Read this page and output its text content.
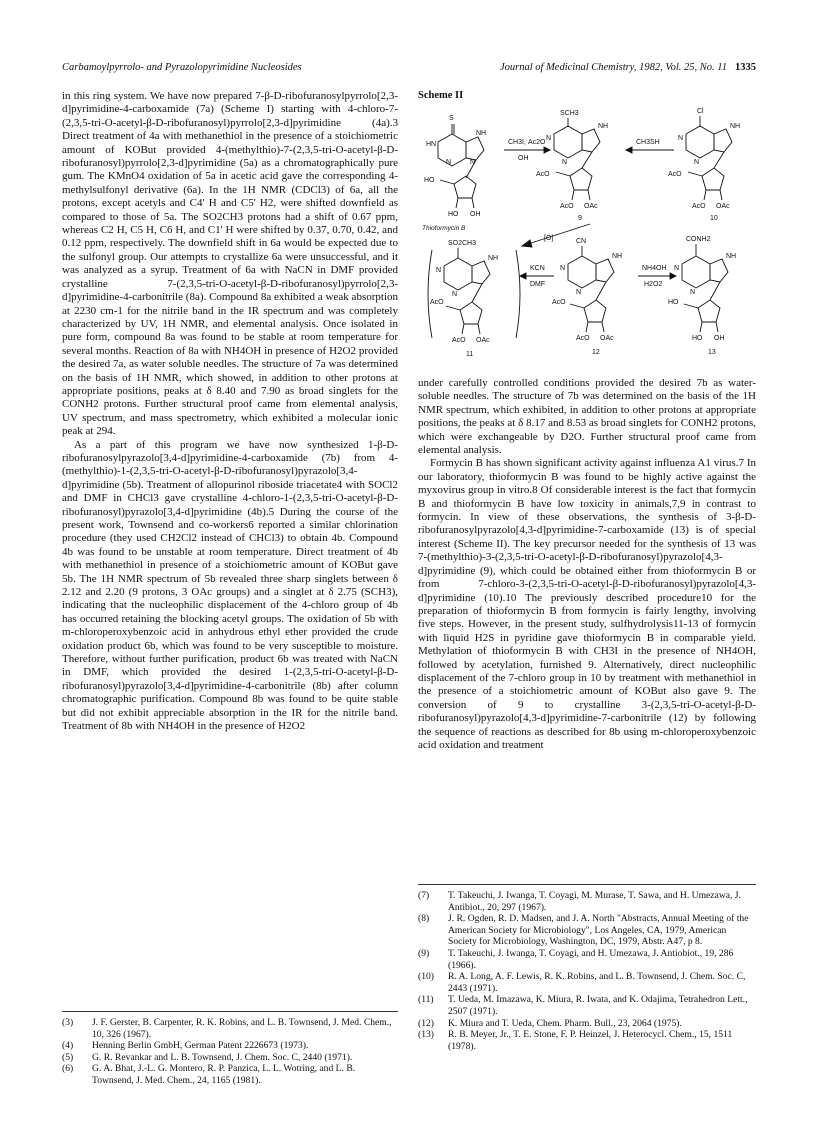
Carbamoylpyrrolo- and Pyrazolopyrimidine Nucleosides	Journal of Medicinal Chemistry, 1982, Vol. 25, No. 11 1335

in this ring system. We have now prepared 7-β-D-ribofuranosylpyrrolo[2,3-d]pyrimidine-4-carboxamide (7a) (Scheme I) starting with 4-chloro-7-(2,3,5-tri-O-acetyl-β-D-ribofuranosyl)pyrrolo[2,3-d]pyrimidine (4a).3 Direct treatment of 4a with methanethiol in the presence of a stoichiometric amount of KOBut provided 4-(methylthio)-7-(2,3,5-tri-O-acetyl-β-D-ribofuranosyl)pyrrolo[2,3-d]pyrimidine (5a) as a chromatographically pure gum. The KMnO4 oxidation of 5a in acetic acid gave the corresponding 4-methylsulfonyl derivative (6a). In the 1H NMR (CDCl3) of 6a, all the protons, except acetyls and C4' H and C5' H2, were shifted downfield as compared to those of 5a. The SO2CH3 protons had a shift of 0.67 ppm, whereas C2 H, C5 H, C6 H, and C1' H were shifted by 0.37, 0.70, 0.42, and 0.12 ppm, respectively. The downfield shift in 6a would be expected due to the sulfonyl group. Our attempts to crystallize 6a were unsuccessful, and it was analyzed as a syrup. Treatment of 6a with NaCN in DMF provided crystalline 7-(2,3,5-tri-O-acetyl-β-D-ribofuranosyl)pyrrolo[2,3-d]pyrimidine-4-carbonitrile (8a). Compound 8a exhibited a weak absorption at 2230 cm-1 for the nitrile band in the IR spectrum and was completely characterized by UV, 1H NMR, and elemental analysis. Once isolated in pure form, compound 8a was found to be stable at room temperature for several months. Reaction of 8a with NH4OH in presence of H2O2 provided the desired 7a, as water soluble needles. The structure of 7a was determined on the basis of 1H NMR, which showed, in addition to other protons at appropriate positions, peaks at δ 8.40 and 7.90 as broad singlets for the CONH2 protons. Further structural proof came from elemental analysis, UV spectrum, and mass spectrometry, which exhibited a molecular ionic peak at 294.

As a part of this program we have now synthesized 1-β-D-ribofuranosylpyrazolo[3,4-d]pyrimidine-4-carboxamide (7b) from 4-(methylthio)-1-(2,3,5-tri-O-acetyl-β-D-ribofuranosyl)pyrazolo[3,4-d]pyrimidine (5b). Treatment of allopurinol riboside triacetate4 with SOCl2 and DMF in CHCl3 gave crystalline 4-chloro-1-(2,3,5-tri-O-acetyl-β-D-ribofuranosyl)pyrazolo[3,4-d]pyrimidine (4b).5 During the course of the present work, Townsend and co-workers6 reported a similar chlorination procedure (they used CH2Cl2 instead of CHCl3) to obtain 4b. Compound 4b was found to be unstable at room temperature. Direct treatment of 4b with methanethiol in presence of a stoichiometric amount of KOBut gave 5b. The 1H NMR spectrum of 5b revealed three sharp singlets between δ 2.12 and 2.20 (9 protons, 3 OAc groups) and a singlet at δ 2.75 (SCH3), indicating that the nucleophilic displacement of the 4-chloro group of 4b has occurred retaining the blocking acetyl groups. The oxidation of 5b with m-chloroperoxybenzoic acid in anhydrous ethyl ether provided the crude oxidation product 6b, which was found to be very susceptible to moisture. Therefore, without further purification, product 6b was treated with NaCN in DMF, which provided the desired 1-(2,3,5-tri-O-acetyl-β-D-ribofuranosyl)pyrazolo[3,4-d]pyrimidine-4-carbonitrile (8b) after column chromatographic purification. Compound 8b was found to be quite stable but did not exhibit appreciable absorption in the IR for the nitrile band. Treatment of 8b with NH4OH in the presence of H2O2

Scheme II
S
HN
NH
N
N
HO
HO OH
Thioformycin B
CH3I, Ac2O
OH
SCH3
N
NH
N
AcO
AcO OAc
9
CH3SH
Cl
N
NH
N
AcO
AcO OAc
10
[O]
SO2CH3
N
NH
N
AcO
AcO OAc
11
KCN
DMF
CN
N
NH
N
AcO
AcO OAc
12
NH4OH
H2O2
CONH2
N
NH
N
HO
HO OH
13

under carefully controlled conditions provided the desired 7b as water-soluble needles. The structure of 7b was determined on the basis of the 1H NMR spectrum, which exhibited, in addition to other protons at appropriate positions, the peaks at δ 8.17 and 8.53 as broad singlets for CONH2 protons, which were exchangeable by D2O. Further structural proof came from elemental analysis.

Formycin B has shown significant activity against influenza A1 virus.7 In our laboratory, thioformycin B was found to be highly active against the myxovirus group in vitro.8 Of considerable interest is the fact that formycin B and thioformycin B have low toxicity in animals,7,9 in contrast to formycin. In view of these observations, the synthesis of 3-β-D-ribofuranosylpyrazolo[4,3-d]pyrimidine-7-carboxamide (13) is of special interest (Scheme II). The key precursor needed for the synthesis of 13 was 7-(methylthio)-3-(2,3,5-tri-O-acetyl-β-D-ribofuranosyl)pyrazolo[4,3-d]pyrimidine (9), which could be obtained either from thioformycin B or from 7-chloro-3-(2,3,5-tri-O-acetyl-β-D-ribofuranosyl)pyrazolo[4,3-d]pyrimidine (10).10 The previously described procedure10 for the preparation of thioformycin B from formycin is fairly lengthy, involving five steps. However, in the present study, sulfhydrolysis11-13 of formycin with liquid H2S in pyridine gave thioformycin B in comparable yield. Methylation of thioformycin B with CH3I in the presence of NH4OH, followed by acetylation, furnished 9. Alternatively, direct nucleophilic displacement of the 7-chloro group in 10 by treatment with methanethiol in the presence of a stoichiometric amount of KOBut also gave 9. The conversion of 9 to crystalline 3-(2,3,5-tri-O-acetyl-β-D-ribofuranosyl)pyrazolo[4,3-d]pyrimidine-7-carbonitrile (12) by following the sequence of reactions as described for 8b using m-chloroperoxybenzoic acid oxidation and treatment

(3)	J. F. Gerster, B. Carpenter, R. K. Robins, and L. B. Townsend, J. Med. Chem., 10, 326 (1967).
(4)	Henning Berlin GmbH, German Patent 2226673 (1973).
(5)	G. R. Revankar and L. B. Townsend, J. Chem. Soc. C, 2440 (1971).
(6)	G. A. Bhat, J.-L. G. Montero, R. P. Panzica, L. L. Wotring, and L. B. Townsend, J. Med. Chem., 24, 1165 (1981).
(7)	T. Takeuchi, J. Iwanga, T. Coyagi, M. Murase, T. Sawa, and H. Umezawa, J. Antibiot., 20, 297 (1967).
(8)	J. R. Ogden, R. D. Madsen, and J. A. North "Abstracts, Annual Meeting of the American Society for Microbiology", Los Angeles, CA, 1979, American Society for Microbiology, Washington, DC, 1979, Abstr. A47, p 8.
(9)	T. Takeuchi, J. Iwanga, T. Coyagi, and H. Umezawa, J. Antiobiot., 19, 286 (1966).
(10)	R. A. Long, A. F. Lewis, R. K. Robins, and L. B. Townsend, J. Chem. Soc. C, 2443 (1971).
(11)	T. Ueda, M. Imazawa, K. Miura, R. Iwata, and K. Odajima, Tetrahedron Lett., 2507 (1971).
(12)	K. Miura and T. Ueda, Chem. Pharm. Bull., 23, 2064 (1975).
(13)	R. B. Meyer, Jr., T. E. Stone, F. P. Heinzel, J. Heterocycl. Chem., 15, 1511 (1978).
